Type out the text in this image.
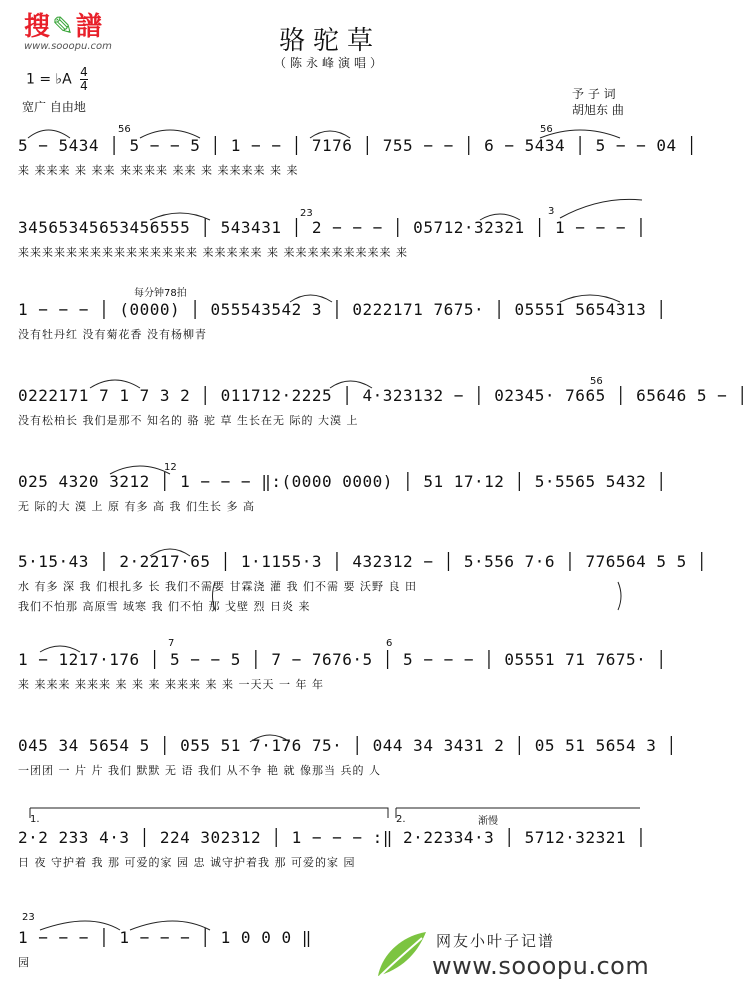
搜✎譜
www.sooopu.com	骆驼草
（陈永峰演唱）
1 = ♭A $\frac{4}{4}$
宽广 自由地
予 子 词
胡旭东 曲
56	56
23	3
每分钟78拍
56
12
7	6
1.	2.	渐慢
23
5 − 5434 │ 5 − − 5 │ 1 − − │ 7176 │ 755 − − │ 6 − 5434 │ 5 − − 04 │
来 来来来 来 来来 来来来来 来来 来 来来来来 来 来
34565345653456555 │ 543431 │ 2 − − − │ 05712·32321 │ 1 − − − │
来来来来来来来来来来来来来来来 来来来来来 来 来来来来来来来来来 来
1 − − − │ (0000) │ 055543542 3 │ 0222171 7675· │ 05551 5654313 │
没有牡丹红 没有菊花香 没有杨柳青
0222171 7 1 7 3 2 │ 011712·2225 │ 4·323132 − │ 02345· 7665 │ 65646 5 − │
没有松柏长 我们是那不 知名的 骆 驼 草 生长在无 际的 大漠 上
025 4320 3212 │ 1 − − − ‖:(0000 0000) │ 51 17·12 │ 5·5565 5432 │
无 际的大 漠 上 原 有多 高 我 们生长 多 高
5·15·43 │ 2·2217·65 │ 1·1155·3 │ 432312 − │ 5·556 7·6 │ 776564 5 5 │
水 有多 深 我 们根扎多 长 我们不需要 甘霖浇 灌 我 们不需 要 沃野 良 田
我们不怕那 高原雪 域寒 我 们不怕 那 戈壁 烈 日炎 来
1 − 1217·176 │ 5 − − 5 │ 7 − 7676·5 │ 5 − − − │ 05551 71 7675· │
来 来来来 来来来 来 来 来 来来来 来 来 一天天 一 年 年
045 34 5654 5 │ 055 51 7·176 75· │ 044 34 3431 2 │ 05 51 5654 3 │
一团团 一 片 片 我们 默默 无 语 我们 从不争 艳 就 像那当 兵的 人
2·2 233 4·3 │ 224 302312 │ 1 − − − :‖ 2·22334·3 │ 5712·32321 │
日 夜 守护着 我 那 可爱的家 园 忠 诚守护着我 那 可爱的家 园
1 − − − │ 1 − − − │ 1 0 0 0 ‖
园
网友小叶子记谱
www.sooopu.com
